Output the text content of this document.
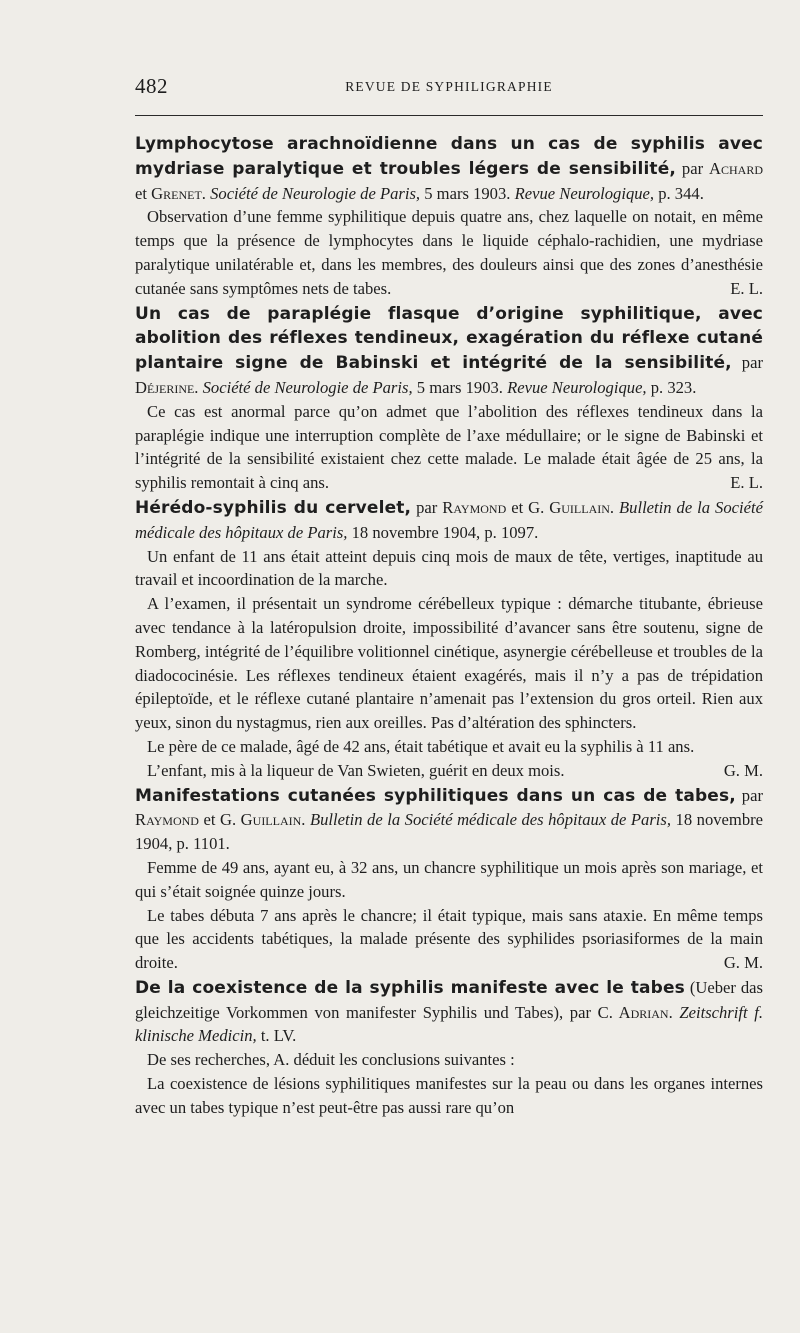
482	REVUE DE SYPHILIGRAPHIE

Lymphocytose arachnoïdienne dans un cas de syphilis avec mydriase paralytique et troubles légers de sensibilité, par Achard et Grenet. Société de Neurologie de Paris, 5 mars 1903. Revue Neurologique, p. 344.

Observation d’une femme syphilitique depuis quatre ans, chez laquelle on notait, en même temps que la présence de lymphocytes dans le liquide céphalo-rachidien, une mydriase paralytique unilatérable et, dans les membres, des douleurs ainsi que des zones d’anesthésie cutanée sans symptômes nets de tabes.	E. L.

Un cas de paraplégie flasque d’origine syphilitique, avec abolition des réflexes tendineux, exagération du réflexe cutané plantaire signe de Babinski et intégrité de la sensibilité, par Déjerine. Société de Neurologie de Paris, 5 mars 1903. Revue Neurologique, p. 323.

Ce cas est anormal parce qu’on admet que l’abolition des réflexes tendineux dans la paraplégie indique une interruption complète de l’axe médullaire; or le signe de Babinski et l’intégrité de la sensibilité existaient chez cette malade. Le malade était âgée de 25 ans, la syphilis remontait à cinq ans.	E. L.

Hérédo-syphilis du cervelet, par Raymond et G. Guillain. Bulletin de la Société médicale des hôpitaux de Paris, 18 novembre 1904, p. 1097.

Un enfant de 11 ans était atteint depuis cinq mois de maux de tête, vertiges, inaptitude au travail et incoordination de la marche.

A l’examen, il présentait un syndrome cérébelleux typique : démarche titubante, ébrieuse avec tendance à la latéropulsion droite, impossibilité d’avancer sans être soutenu, signe de Romberg, intégrité de l’équilibre volitionnel cinétique, asynergie cérébelleuse et troubles de la diadococinésie. Les réflexes tendineux étaient exagérés, mais il n’y a pas de trépidation épileptoïde, et le réflexe cutané plantaire n’amenait pas l’extension du gros orteil. Rien aux yeux, sinon du nystagmus, rien aux oreilles. Pas d’altération des sphincters.

Le père de ce malade, âgé de 42 ans, était tabétique et avait eu la syphilis à 11 ans.

L’enfant, mis à la liqueur de Van Swieten, guérit en deux mois.	G. M.

Manifestations cutanées syphilitiques dans un cas de tabes, par Raymond et G. Guillain. Bulletin de la Société médicale des hôpitaux de Paris, 18 novembre 1904, p. 1101.

Femme de 49 ans, ayant eu, à 32 ans, un chancre syphilitique un mois après son mariage, et qui s’était soignée quinze jours.

Le tabes débuta 7 ans après le chancre; il était typique, mais sans ataxie. En même temps que les accidents tabétiques, la malade présente des syphilides psoriasiformes de la main droite.	G. M.

De la coexistence de la syphilis manifeste avec le tabes (Ueber das gleichzeitige Vorkommen von manifester Syphilis und Tabes), par C. Adrian. Zeitschrift f. klinische Medicin, t. LV.

De ses recherches, A. déduit les conclusions suivantes :

La coexistence de lésions syphilitiques manifestes sur la peau ou dans les organes internes avec un tabes typique n’est peut-être pas aussi rare qu’on
